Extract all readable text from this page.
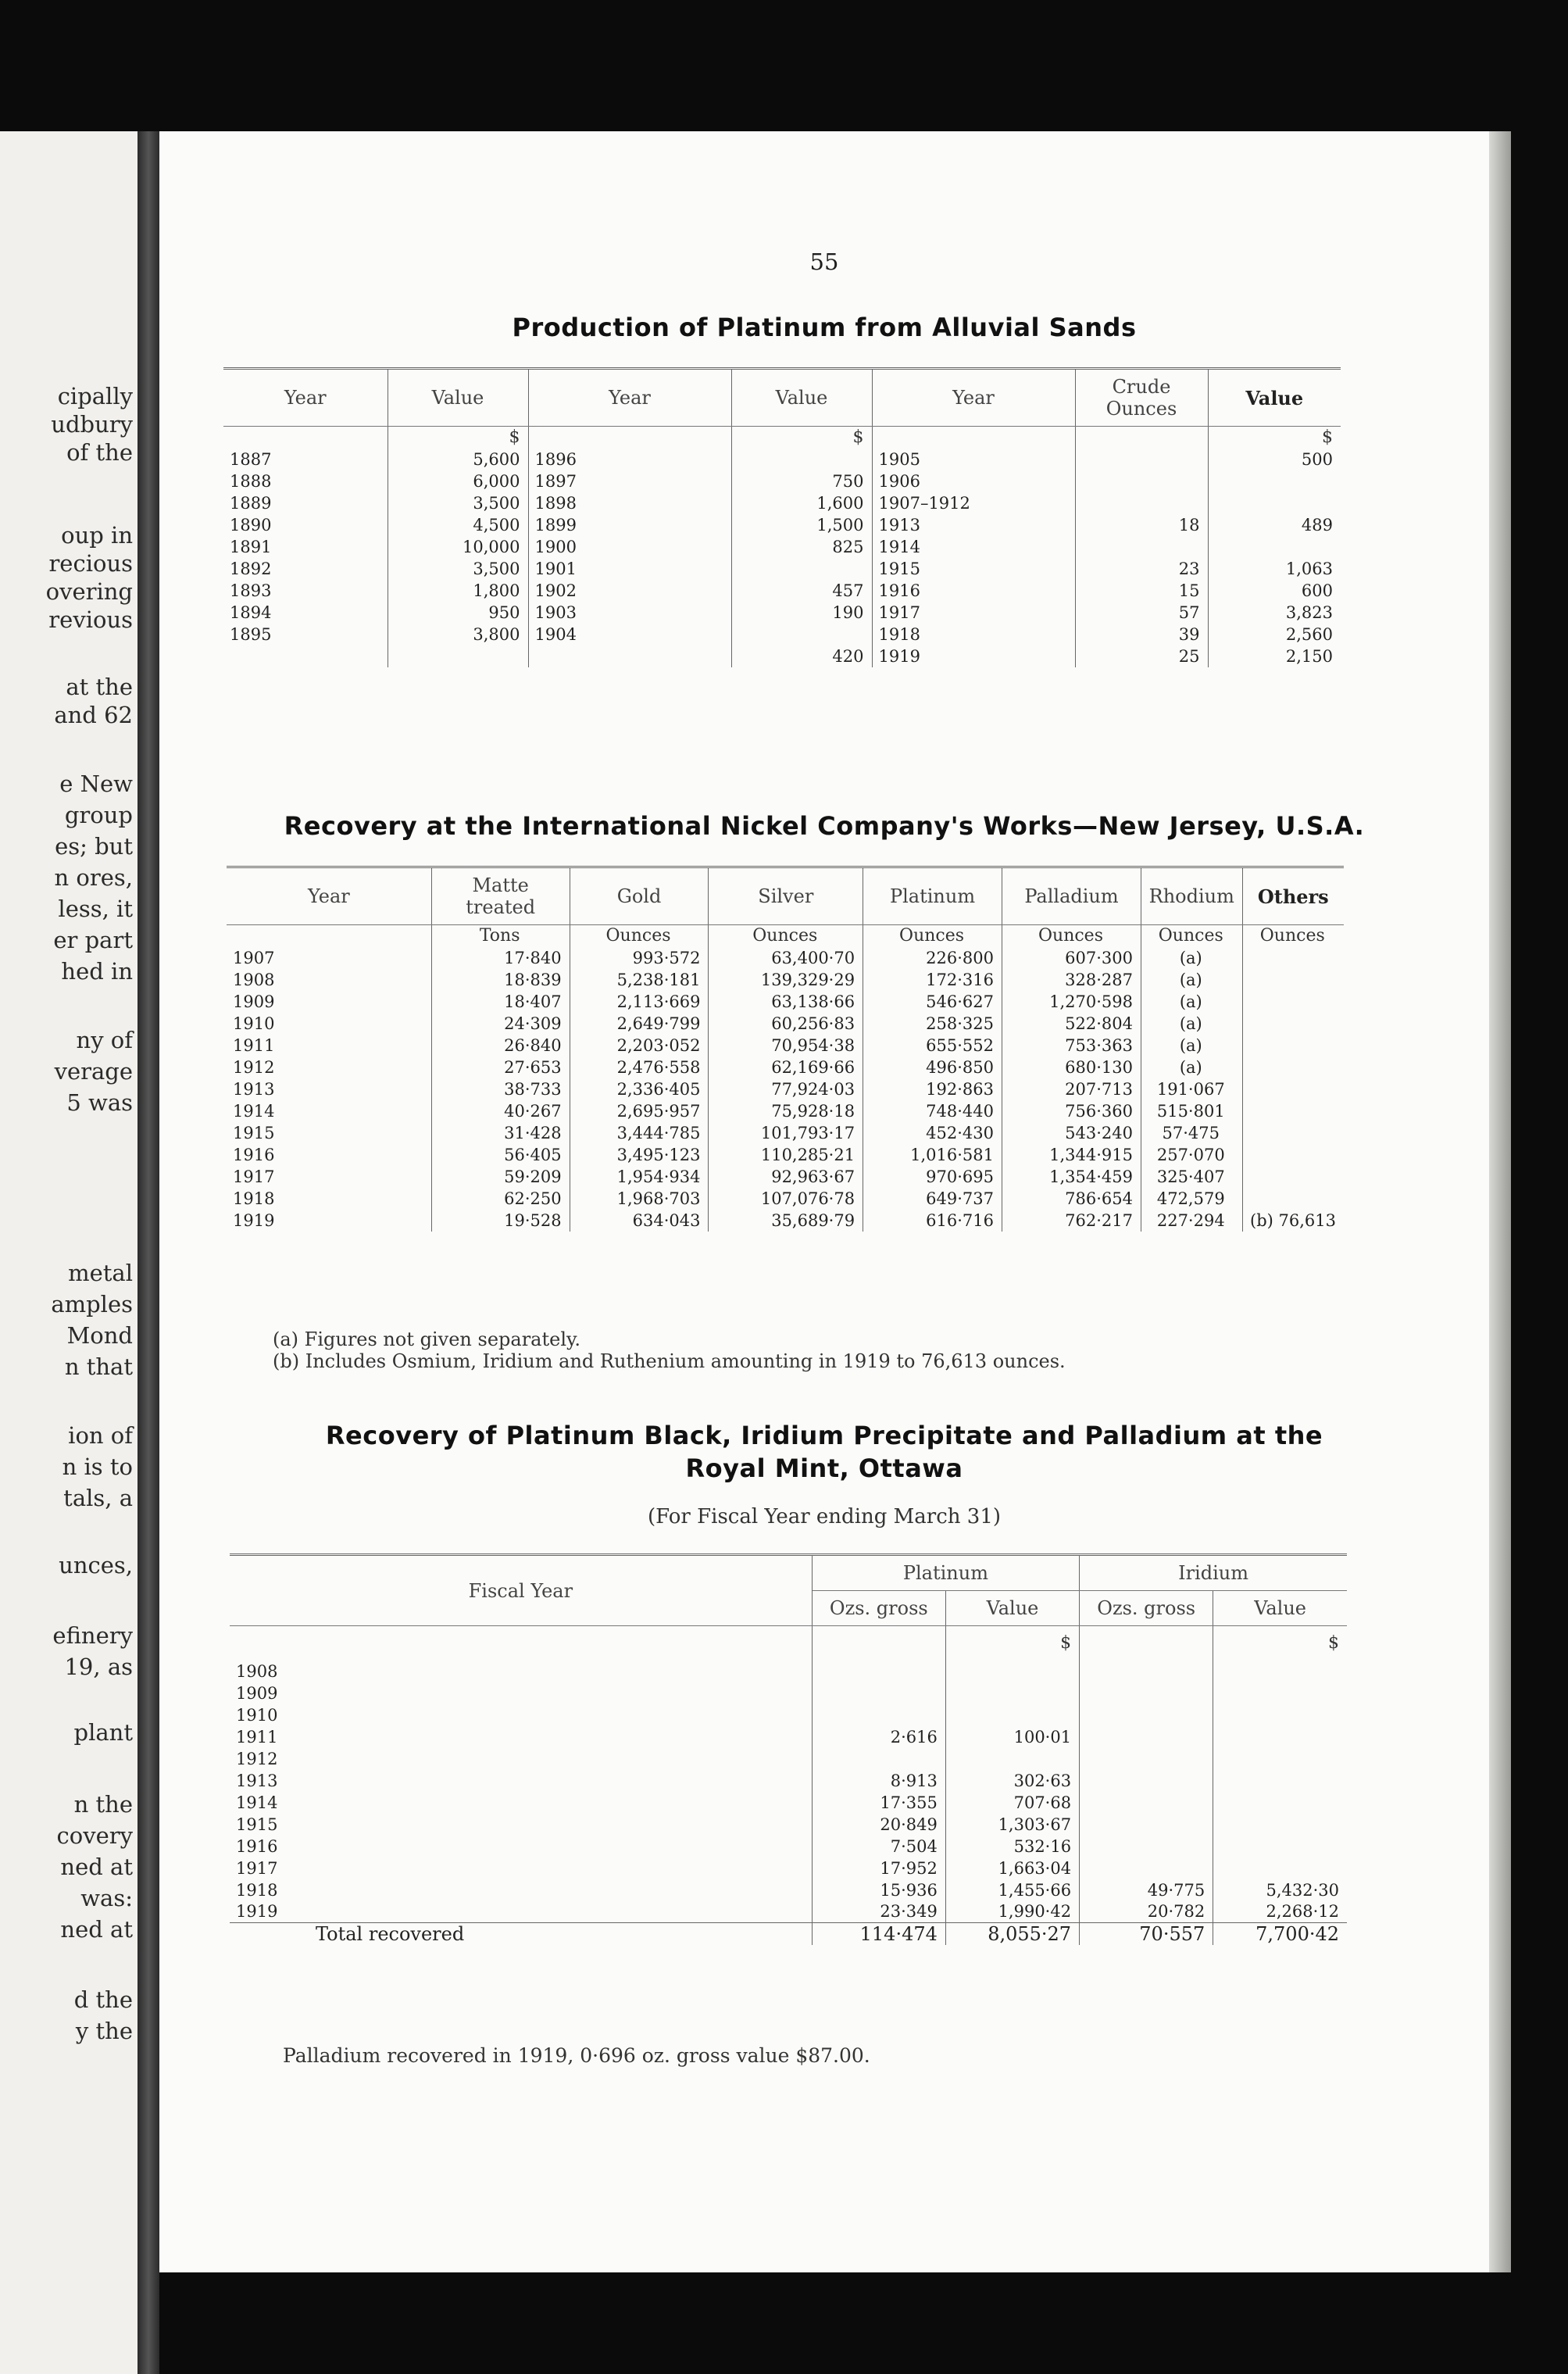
cipally
udbury
of the
oup in
recious
overing
revious
at the
and 62
e New
group
es; but
n ores,
less, it
er part
hed in
ny of
verage
5 was
metal
amples
Mond
n that
ion of
n is to
tals, a
unces,
efinery
19, as
plant
n the
covery
ned at
was:
ned at
d the
y the
55
Production of Platinum from Alluvial Sands
Year	Value	Year	Value	Year	Crude Ounces	Value
	$		$			$
1887	5,600	1896		1905		500
1888	6,000	1897	750	1906		
1889	3,500	1898	1,600	1907–1912		
1890	4,500	1899	1,500	1913	18	489
1891	10,000	1900	825	1914		
1892	3,500	1901		1915	23	1,063
1893	1,800	1902	457	1916	15	600
1894	950	1903	190	1917	57	3,823
1895	3,800	1904		1918	39	2,560
			420	1919	25	2,150
Recovery at the International Nickel Company's Works—New Jersey, U.S.A.
Year	Matte treated	Gold	Silver	Platinum	Palladium	Rhodium	Others
	Tons	Ounces	Ounces	Ounces	Ounces	Ounces	Ounces
1907	17·840	993·572	63,400·70	226·800	607·300	(a)	
1908	18·839	5,238·181	139,329·29	172·316	328·287	(a)	
1909	18·407	2,113·669	63,138·66	546·627	1,270·598	(a)	
1910	24·309	2,649·799	60,256·83	258·325	522·804	(a)	
1911	26·840	2,203·052	70,954·38	655·552	753·363	(a)	
1912	27·653	2,476·558	62,169·66	496·850	680·130	(a)	
1913	38·733	2,336·405	77,924·03	192·863	207·713	191·067	
1914	40·267	2,695·957	75,928·18	748·440	756·360	515·801	
1915	31·428	3,444·785	101,793·17	452·430	543·240	57·475	
1916	56·405	3,495·123	110,285·21	1,016·581	1,344·915	257·070	
1917	59·209	1,954·934	92,963·67	970·695	1,354·459	325·407	
1918	62·250	1,968·703	107,076·78	649·737	786·654	472,579	
1919	19·528	634·043	35,689·79	616·716	762·217	227·294	(b) 76,613
(a) Figures not given separately.
(b) Includes Osmium, Iridium and Ruthenium amounting in 1919 to 76,613 ounces.
Recovery of Platinum Black, Iridium Precipitate and Palladium at the
Royal Mint, Ottawa
(For Fiscal Year ending March 31)
Fiscal Year	Platinum		Iridium	
	Ozs. gross	Value	Ozs. gross	Value
		$		$
1908				
1909				
1910				
1911	2·616	100·01		
1912				
1913	8·913	302·63		
1914	17·355	707·68		
1915	20·849	1,303·67		
1916	7·504	532·16		
1917	17·952	1,663·04		
1918	15·936	1,455·66	49·775	5,432·30
1919	23·349	1,990·42	20·782	2,268·12
Total recovered	114·474	8,055·27	70·557	7,700·42
Palladium recovered in 1919, 0·696 oz. gross value $87.00.
